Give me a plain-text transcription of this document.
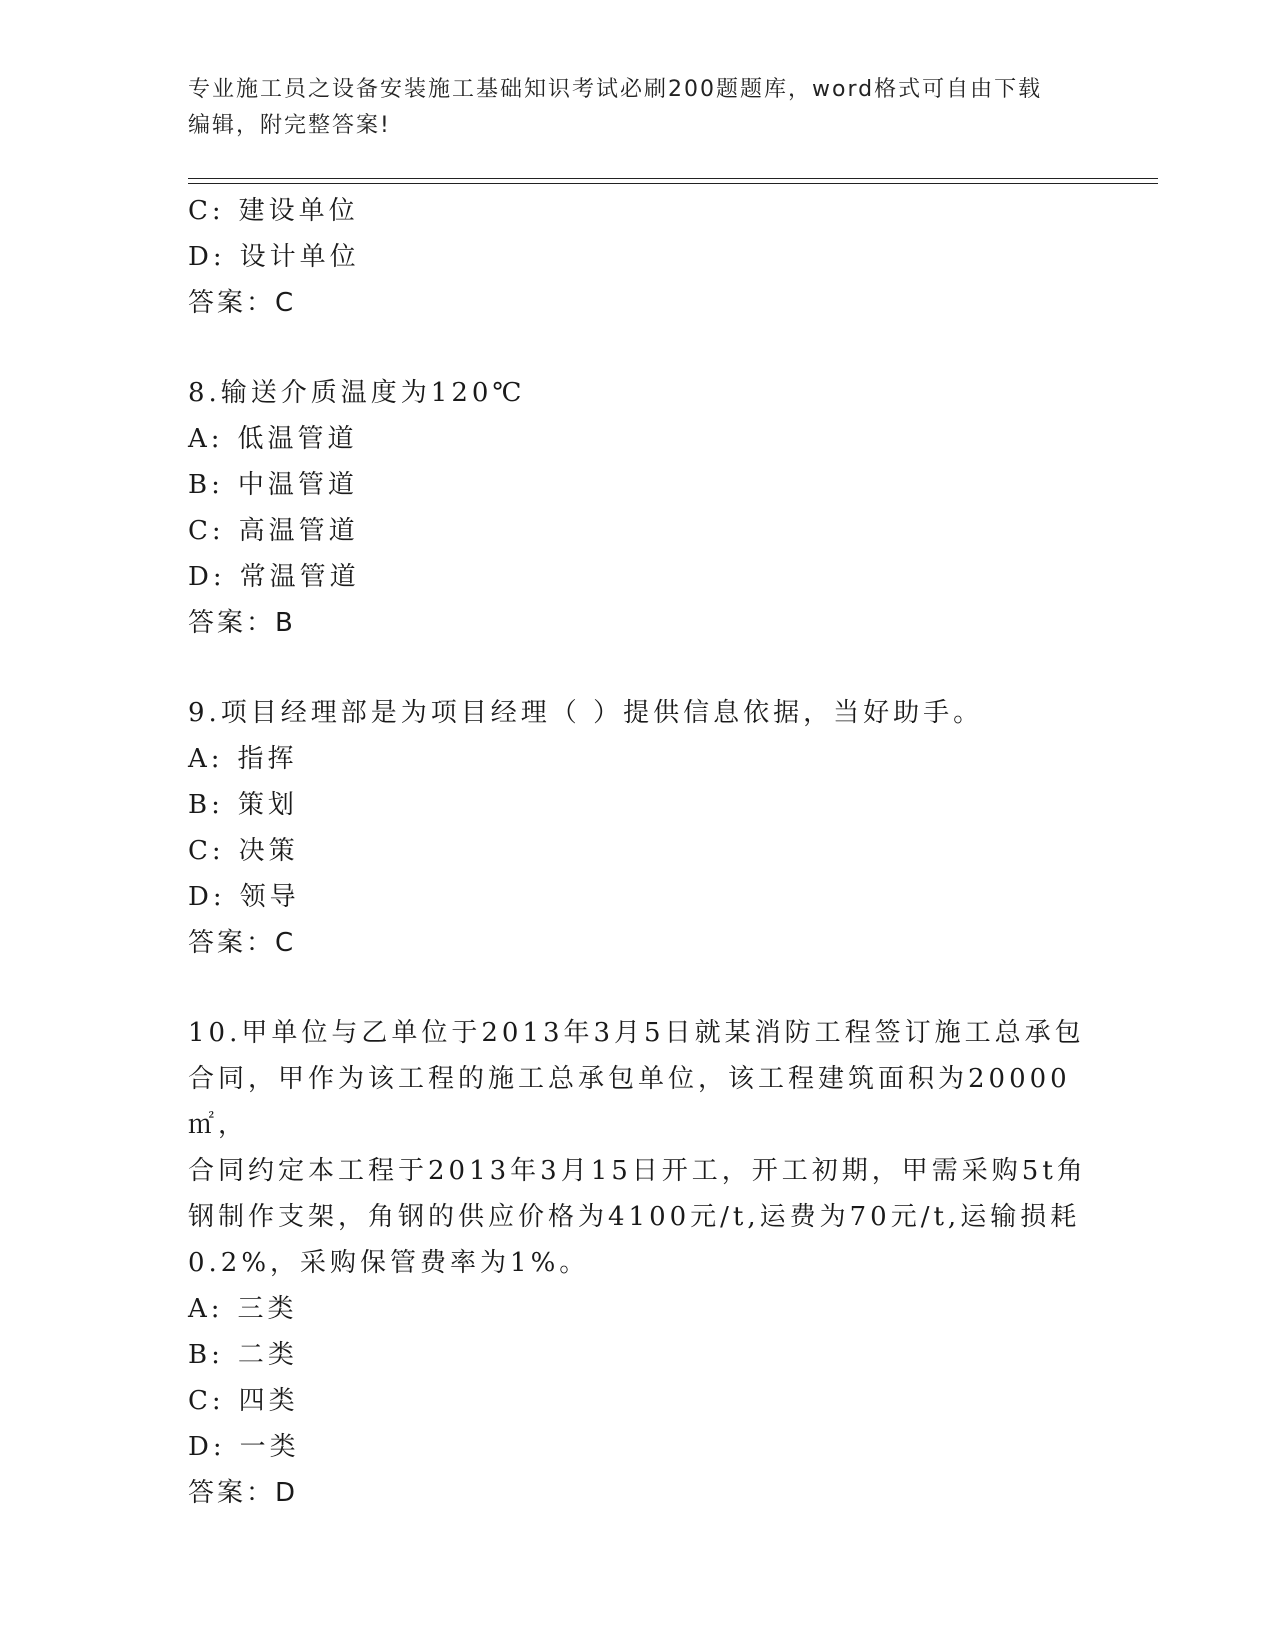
专业施工员之设备安装施工基础知识考试必刷200题题库，word格式可自由下载
编辑，附完整答案!
C: 建设单位
D: 设计单位
答案：C
8.输送介质温度为120℃
A: 低温管道
B: 中温管道
C: 高温管道
D: 常温管道
答案：B
9.项目经理部是为项目经理（ ）提供信息依据，当好助手。
A: 指挥
B: 策划
C: 决策
D: 领导
答案：C
10.甲单位与乙单位于2013年3月5日就某消防工程签订施工总承包
合同，甲作为该工程的施工总承包单位，该工程建筑面积为20000㎡，
合同约定本工程于2013年3月15日开工，开工初期，甲需采购5t角
钢制作支架，角钢的供应价格为4100元/t,运费为70元/t,运输损耗
0.2%，采购保管费率为1%。
A: 三类
B: 二类
C: 四类
D: 一类
答案：D
